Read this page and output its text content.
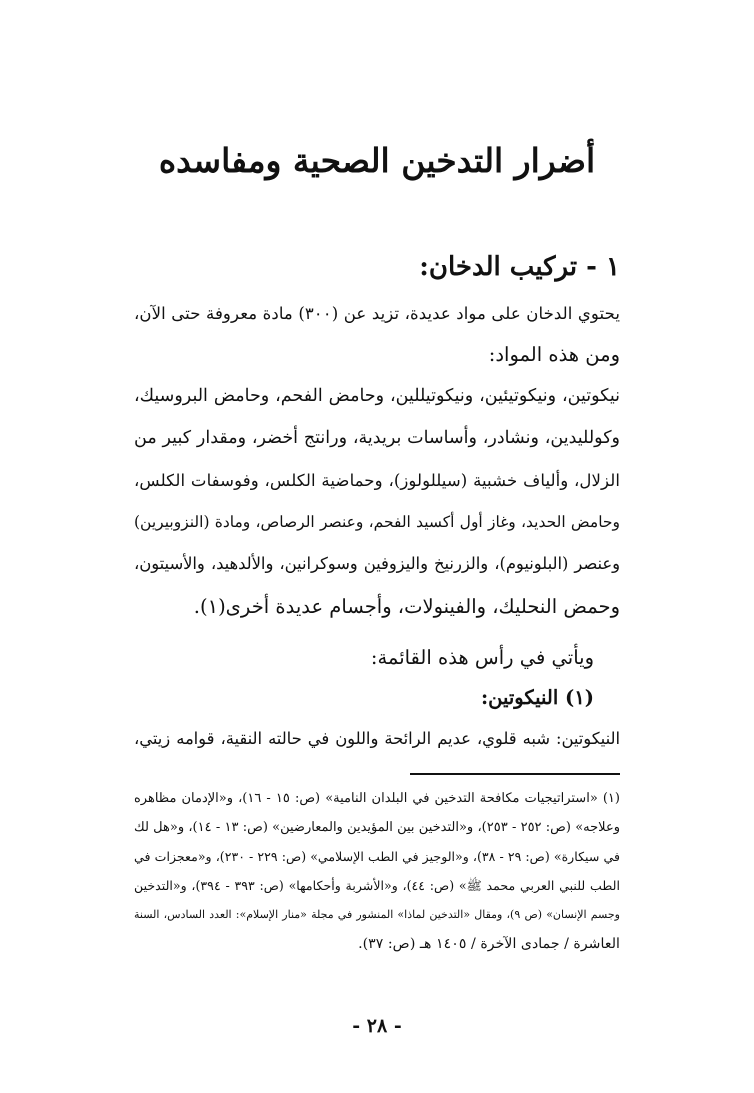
أضرار التدخين الصحية ومفاسده
١ - تركيب الدخان:

يحتوي الدخان على مواد عديدة، تزيد عن (٣٠٠) مادة معروفة حتى الآن،

ومن هذه المواد:

نيكوتين، ونيكوتيئين، ونيكوتيللين، وحامض الفحم، وحامض البروسيك،

وكولليدين، ونشادر، وأساسات بريدية، ورانتج أخضر، ومقدار كبير من

الزلال، وألياف خشبية (سيللولوز)، وحماضية الكلس، وفوسفات الكلس،

وحامض الحديد، وغاز أول أكسيد الفحم، وعنصر الرصاص، ومادة (النزوبيرين)

وعنصر (البلونيوم)، والزرنيخ واليزوفين وسوكرانين، والألدهيد، والأسيتون،

وحمض النحليك، والفينولات، وأجسام عديدة أخرى(١).

ويأتي في رأس هذه القائمة:

(١) النيكوتين:

النيكوتين: شبه قلوي، عديم الرائحة واللون في حالته النقية، قوامه زيتي،

(١) «استراتيجيات مكافحة التدخين في البلدان النامية» (ص: ١٥ - ١٦)، و«الإدمان مظاهره

وعلاجه» (ص: ٢٥٢ - ٢٥٣)، و«التدخين بين المؤيدين والمعارضين» (ص: ١٣ - ١٤)، و«هل لك

في سيكارة» (ص: ٢٩ - ٣٨)، و«الوجيز في الطب الإسلامي» (ص: ٢٢٩ - ٢٣٠)، و«معجزات في

الطب للنبي العربي محمد ﷺ» (ص: ٤٤)، و«الأشربة وأحكامها» (ص: ٣٩٣ - ٣٩٤)، و«التدخين

وجسم الإنسان» (ص ٩)، ومقال «التدخين لماذا» المنشور في مجلة «منار الإسلام»: العدد السادس، السنة

العاشرة / جمادى الآخرة / ١٤٠٥ هـ (ص: ٣٧).

- ٢٨ -
